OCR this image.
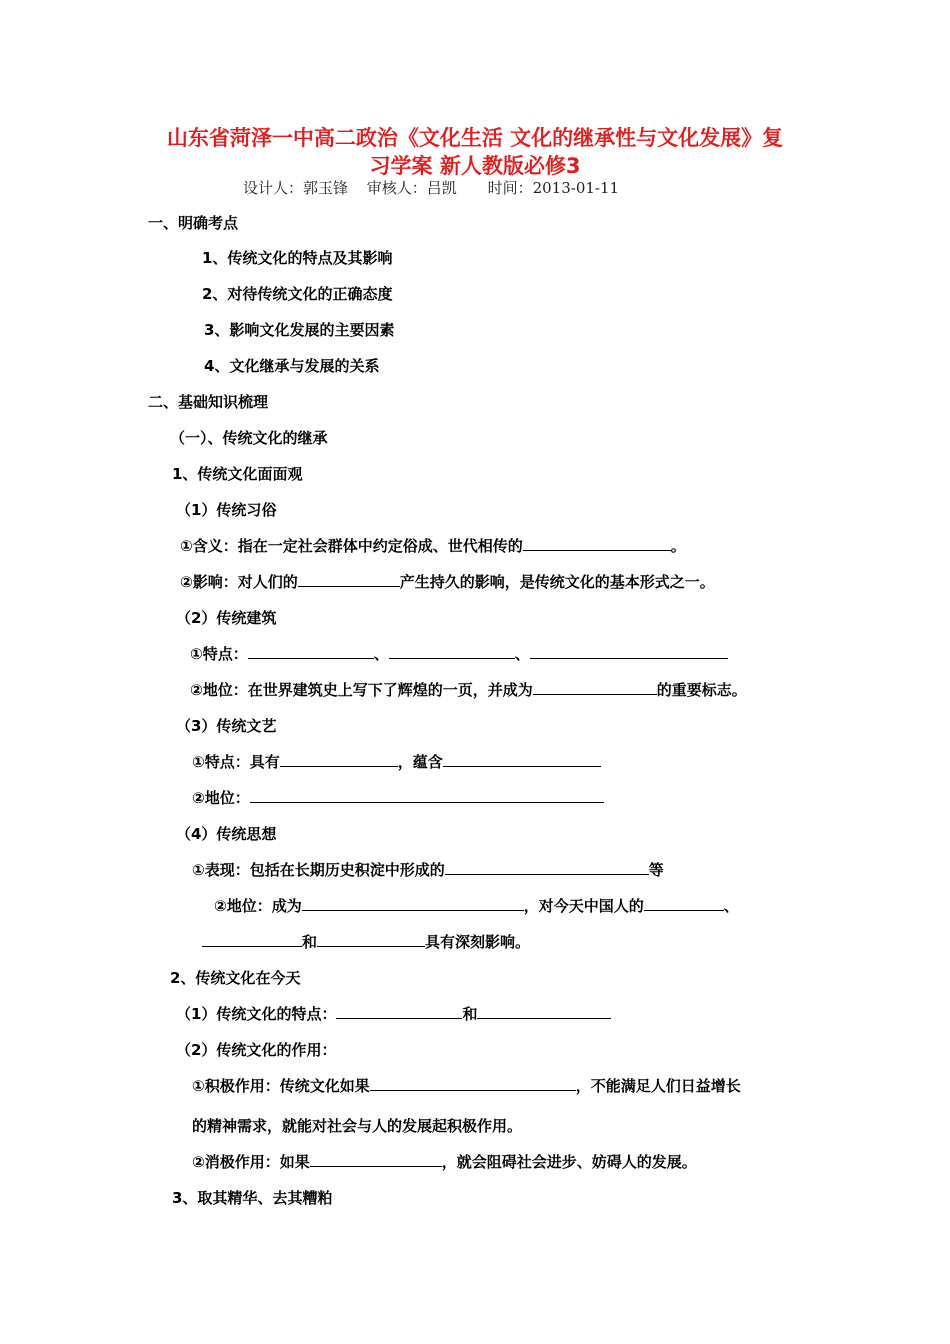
山东省菏泽一中高二政治《文化生活 文化的继承性与文化发展》复
习学案 新人教版必修3
设计人：郭玉锋 审核人：吕凯 时间：2013-01-11
一、明确考点
1、传统文化的特点及其影响
2、对待传统文化的正确态度
3、影响文化发展的主要因素
4、文化继承与发展的关系
二、基础知识梳理
（一）、传统文化的继承
1、传统文化面面观
（1）传统习俗
①含义：指在一定社会群体中约定俗成、世代相传的	。
②影响：对人们的	产生持久的影响，是传统文化的基本形式之一。
（2）传统建筑
①特点：	、	、
②地位：在世界建筑史上写下了辉煌的一页，并成为	的重要标志。
（3）传统文艺
①特点：具有	，蕴含
②地位：
（4）传统思想
①表现：包括在长期历史积淀中形成的	等
②地位：成为	，对今天中国人的	、
和	具有深刻影响。
2、传统文化在今天
（1）传统文化的特点：	和
（2）传统文化的作用：
①积极作用：传统文化如果	，不能满足人们日益增长
的精神需求，就能对社会与人的发展起积极作用。
②消极作用：如果	，就会阻碍社会进步、妨碍人的发展。
3、取其精华、去其糟粕
